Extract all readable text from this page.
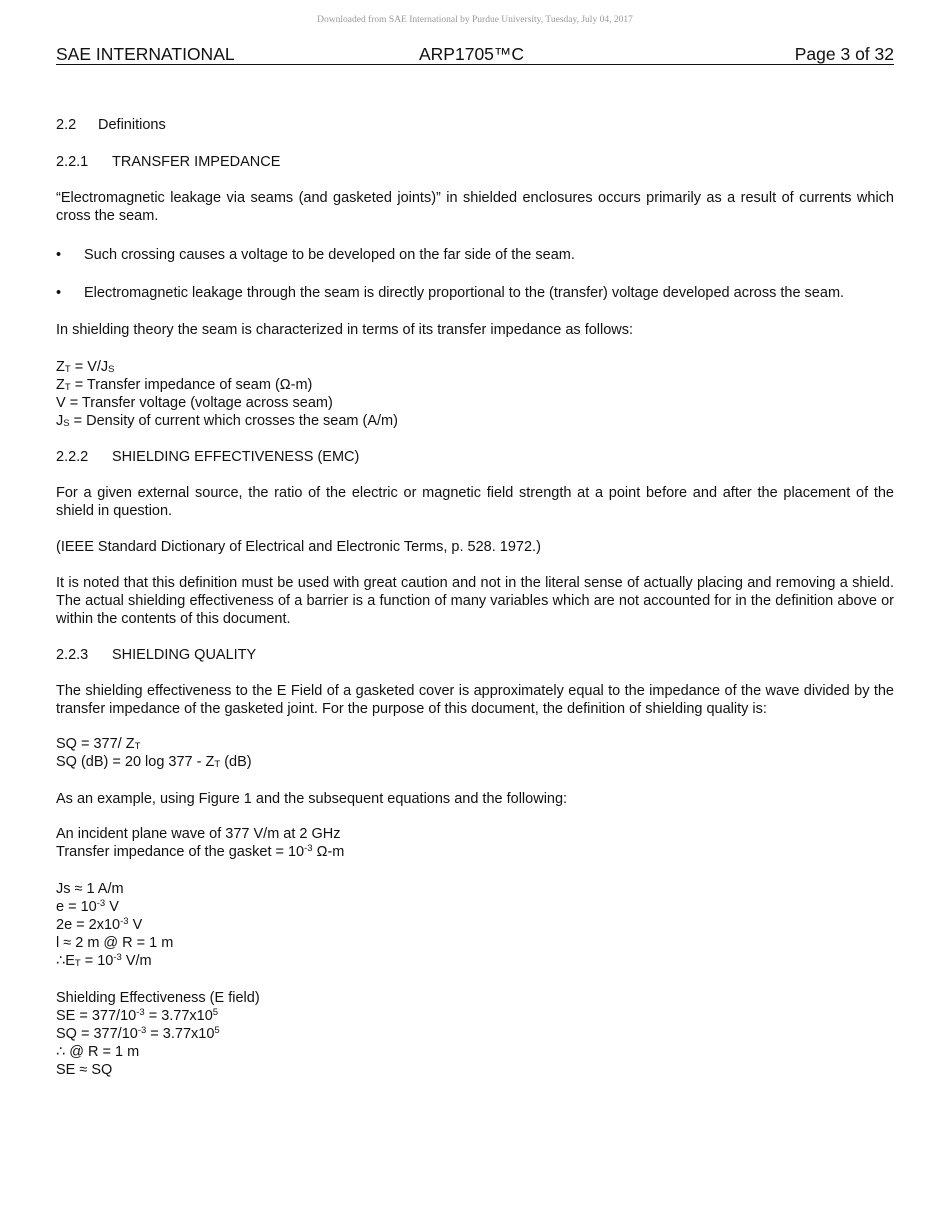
Downloaded from SAE International by Purdue University, Tuesday, July 04, 2017
SAE INTERNATIONAL	ARP1705™C	Page 3 of 32
2.2 Definitions
2.2.1 TRANSFER IMPEDANCE

“Electromagnetic leakage via seams (and gasketed joints)” in shielded enclosures occurs primarily as a result of currents which cross the seam.

• Such crossing causes a voltage to be developed on the far side of the seam.
• Electromagnetic leakage through the seam is directly proportional to the (transfer) voltage developed across the seam.

In shielding theory the seam is characterized in terms of its transfer impedance as follows:

$Z_T = V/J_S$
$Z_T$ = Transfer impedance of seam (Ω-m)
V = Transfer voltage (voltage across seam)
$J_S$ = Density of current which crosses the seam (A/m)
2.2.2 SHIELDING EFFECTIVENESS (EMC)

For a given external source, the ratio of the electric or magnetic field strength at a point before and after the placement of the shield in question.

(IEEE Standard Dictionary of Electrical and Electronic Terms, p. 528. 1972.)

It is noted that this definition must be used with great caution and not in the literal sense of actually placing and removing a shield. The actual shielding effectiveness of a barrier is a function of many variables which are not accounted for in the definition above or within the contents of this document.

2.2.3 SHIELDING QUALITY

The shielding effectiveness to the E Field of a gasketed cover is approximately equal to the impedance of the wave divided by the transfer impedance of the gasketed joint. For the purpose of this document, the definition of shielding quality is:

SQ = 377/ $Z_T$
SQ (dB) = 20 $\log 377 - Z_T$ (dB)

As an example, using Figure 1 and the subsequent equations and the following:

An incident plane wave of 377 V/m at 2 GHz
Transfer impedance of the gasket = $10^{-3}$ Ω-m
Js ≈ 1 A/m
$e = 10^{-3}$ V
$2e = 2x10^{-3}$ V
l ≈ 2 m @ R = 1 m
$\therefore E_T = 10^{-3}$ V/m
Shielding Effectiveness (E field)
SE = $377/10^{-3} = 3.77x10^5$
SQ = $377/10^{-3} = 3.77x10^5$
∴ @ R = 1 m
SE ≈ SQ
